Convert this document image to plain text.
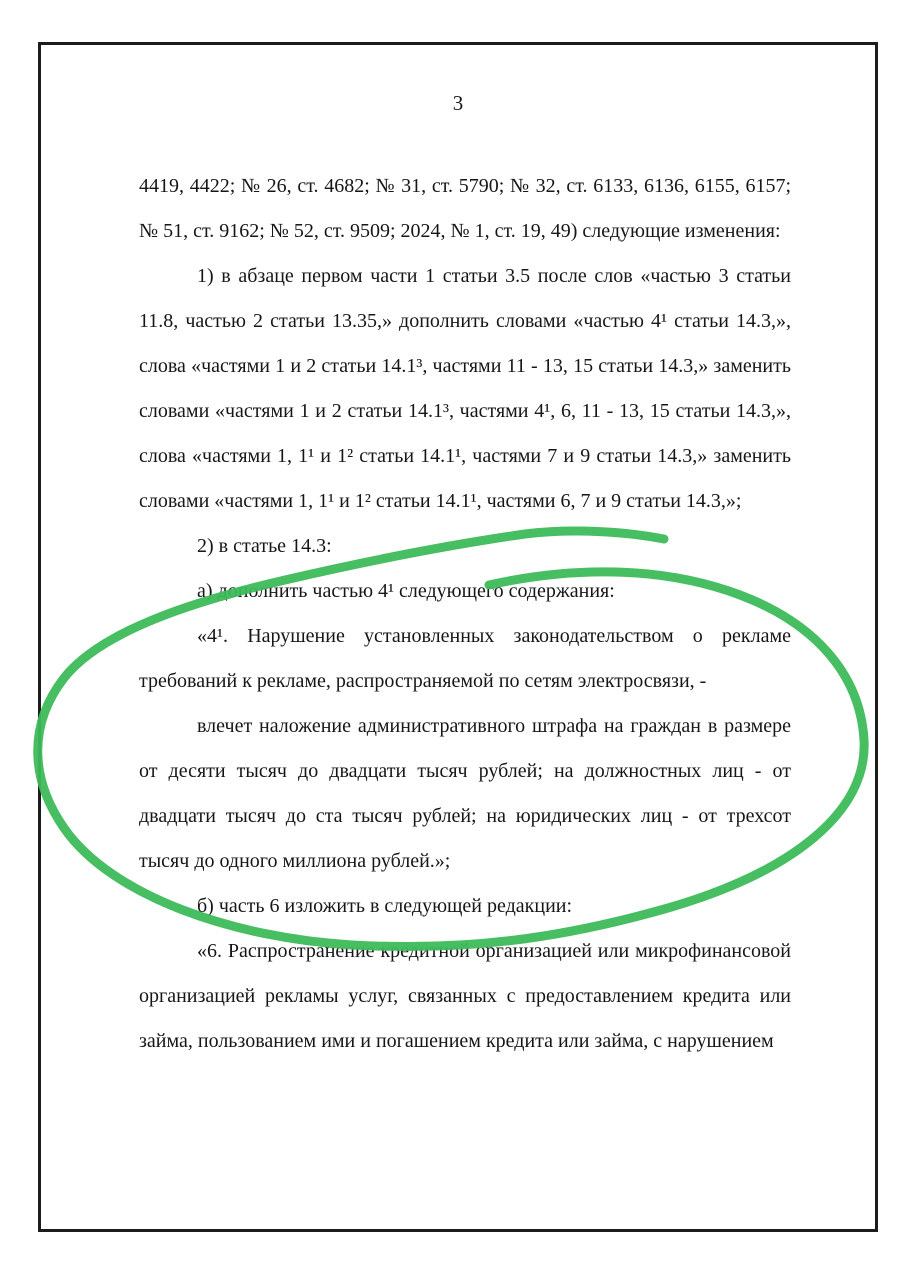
3

4419, 4422; № 26, ст. 4682; № 31, ст. 5790; № 32, ст. 6133, 6136, 6155, 6157; № 51, ст. 9162; № 52, ст. 9509; 2024, № 1, ст. 19, 49) следующие изменения:

1) в абзаце первом части 1 статьи 3.5 после слов «частью 3 статьи 11.8, частью 2 статьи 13.35,» дополнить словами «частью 4¹ статьи 14.3,», слова «частями 1 и 2 статьи 14.1³, частями 11 - 13, 15 статьи 14.3,» заменить словами «частями 1 и 2 статьи 14.1³, частями 4¹, 6, 11 - 13, 15 статьи 14.3,», слова «частями 1, 1¹ и 1² статьи 14.1¹, частями 7 и 9 статьи 14.3,» заменить словами «частями 1, 1¹ и 1² статьи 14.1¹, частями 6, 7 и 9 статьи 14.3,»;

2) в статье 14.3:

а) дополнить частью 4¹ следующего содержания:

«4¹. Нарушение установленных законодательством о рекламе требований к рекламе, распространяемой по сетям электросвязи, -

влечет наложение административного штрафа на граждан в размере от десяти тысяч до двадцати тысяч рублей; на должностных лиц - от двадцати тысяч до ста тысяч рублей; на юридических лиц - от трехсот тысяч до одного миллиона рублей.»;

б) часть 6 изложить в следующей редакции:

«6. Распространение кредитной организацией или микрофинансовой организацией рекламы услуг, связанных с предоставлением кредита или займа, пользованием ими и погашением кредита или займа, с нарушением
